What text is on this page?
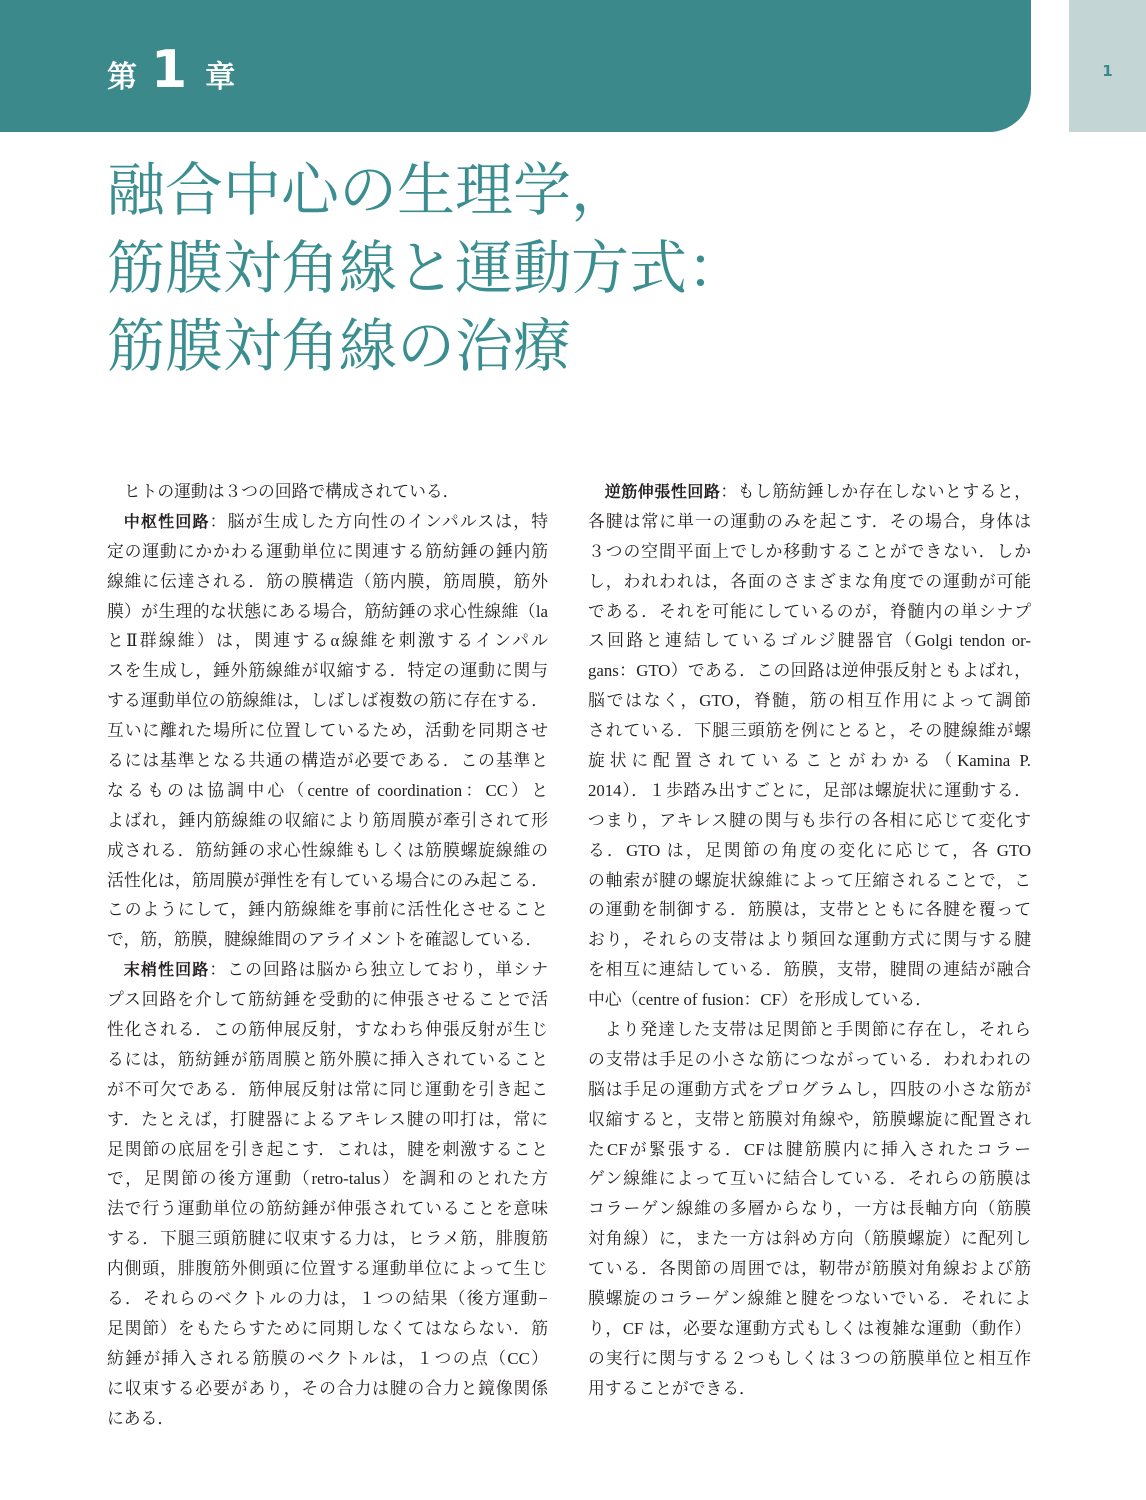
第 1 章	1
融合中心の生理学，
筋膜対角線と運動方式：
筋膜対角線の治療
ヒトの運動は３つの回路で構成されている．
中枢性回路：脳が生成した方向性のインパルスは，特
定の運動にかかわる運動単位に関連する筋紡錘の錘内筋
線維に伝達される．筋の膜構造（筋内膜，筋周膜，筋外
膜）が生理的な状態にある場合，筋紡錘の求心性線維（la
とⅡ群線維）は，関連するα線維を刺激するインパル
スを生成し，錘外筋線維が収縮する．特定の運動に関与
する運動単位の筋線維は，しばしば複数の筋に存在する．
互いに離れた場所に位置しているため，活動を同期させ
るには基準となる共通の構造が必要である．この基準と
なるものは協調中心（centre of coordination：CC）と
よばれ，錘内筋線維の収縮により筋周膜が牽引されて形
成される．筋紡錘の求心性線維もしくは筋膜螺旋線維の
活性化は，筋周膜が弾性を有している場合にのみ起こる．
このようにして，錘内筋線維を事前に活性化させること
で，筋，筋膜，腱線維間のアライメントを確認している．
末梢性回路：この回路は脳から独立しており，単シナ
プス回路を介して筋紡錘を受動的に伸張させることで活
性化される．この筋伸展反射，すなわち伸張反射が生じ
るには，筋紡錘が筋周膜と筋外膜に挿入されていること
が不可欠である．筋伸展反射は常に同じ運動を引き起こ
す．たとえば，打腱器によるアキレス腱の叩打は，常に
足関節の底屈を引き起こす．これは，腱を刺激すること
で，足関節の後方運動（retro-talus）を調和のとれた方
法で行う運動単位の筋紡錘が伸張されていることを意味
する．下腿三頭筋腱に収束する力は，ヒラメ筋，腓腹筋
内側頭，腓腹筋外側頭に位置する運動単位によって生じ
る．それらのベクトルの力は，１つの結果（後方運動−
足関節）をもたらすために同期しなくてはならない．筋
紡錘が挿入される筋膜のベクトルは，１つの点（CC）
に収束する必要があり，その合力は腱の合力と鏡像関係
にある．
逆筋伸張性回路：もし筋紡錘しか存在しないとすると，
各腱は常に単一の運動のみを起こす．その場合，身体は
３つの空間平面上でしか移動することができない．しか
し，われわれは，各面のさまざまな角度での運動が可能
である．それを可能にしているのが，脊髄内の単シナプ
ス回路と連結しているゴルジ腱器官（Golgi tendon or-
gans：GTO）である．この回路は逆伸張反射ともよばれ，
脳ではなく，GTO，脊髄，筋の相互作用によって調節
されている．下腿三頭筋を例にとると，その腱線維が螺
旋状に配置されていることがわかる（Kamina P.
2014）．１歩踏み出すごとに，足部は螺旋状に運動する．
つまり，アキレス腱の関与も歩行の各相に応じて変化す
る．GTO は，足関節の角度の変化に応じて，各 GTO
の軸索が腱の螺旋状線維によって圧縮されることで，こ
の運動を制御する．筋膜は，支帯とともに各腱を覆って
おり，それらの支帯はより頻回な運動方式に関与する腱
を相互に連結している．筋膜，支帯，腱間の連結が融合
中心（centre of fusion：CF）を形成している．
より発達した支帯は足関節と手関節に存在し，それら
の支帯は手足の小さな筋につながっている．われわれの
脳は手足の運動方式をプログラムし，四肢の小さな筋が
収縮すると，支帯と筋膜対角線や，筋膜螺旋に配置され
たCFが緊張する．CFは腱筋膜内に挿入されたコラー
ゲン線維によって互いに結合している．それらの筋膜は
コラーゲン線維の多層からなり，一方は長軸方向（筋膜
対角線）に，また一方は斜め方向（筋膜螺旋）に配列し
ている．各関節の周囲では，靭帯が筋膜対角線および筋
膜螺旋のコラーゲン線維と腱をつないでいる．それによ
り，CF は，必要な運動方式もしくは複雑な運動（動作）
の実行に関与する２つもしくは３つの筋膜単位と相互作
用することができる．
